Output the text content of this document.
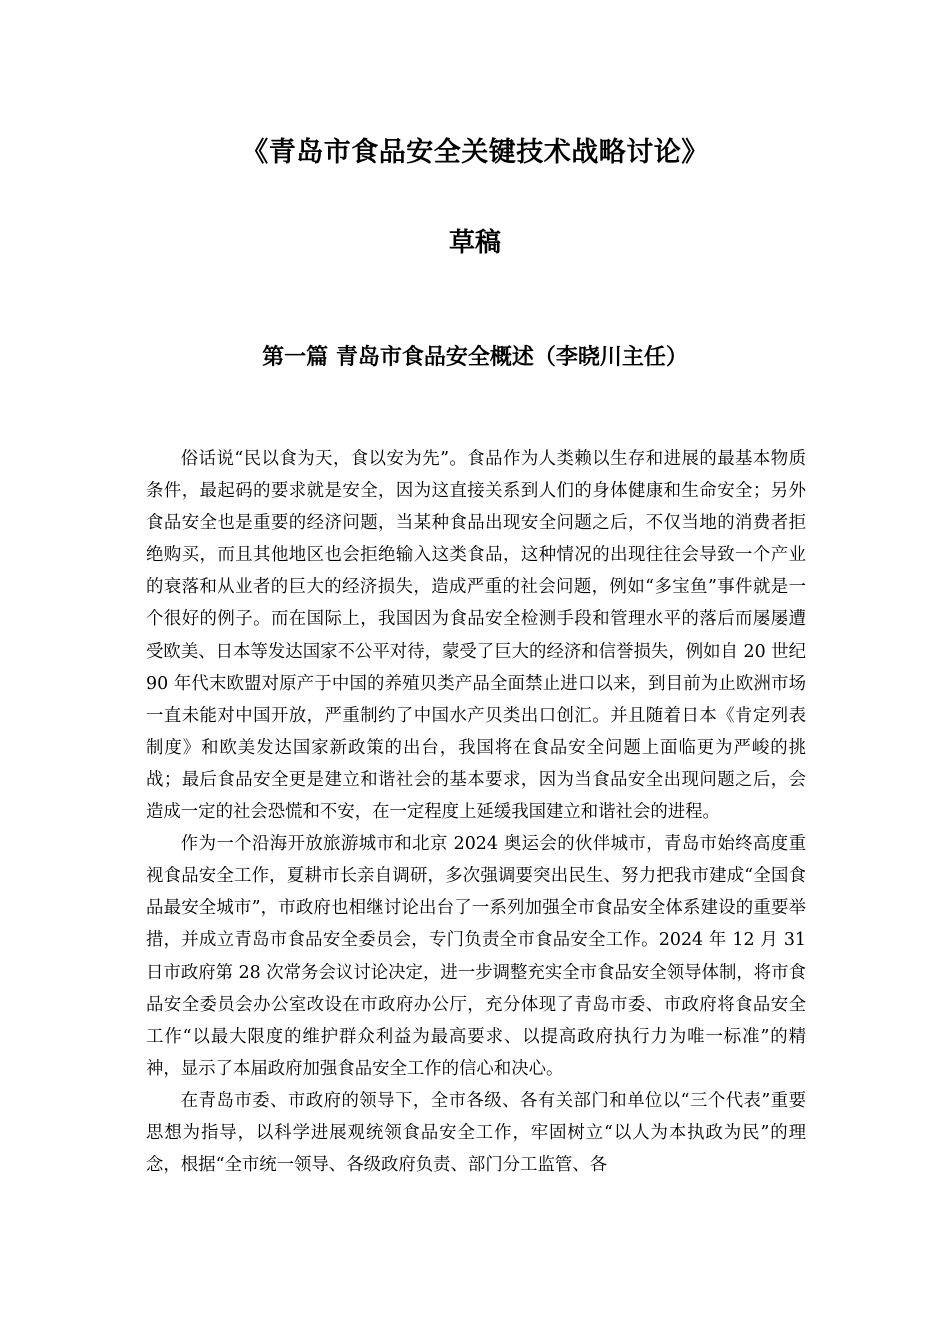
《青岛市食品安全关键技术战略讨论》
草稿
第一篇 青岛市食品安全概述（李晓川主任）

俗话说“民以食为天，食以安为先”。食品作为人类赖以生存和进展的最基本物质条件，最起码的要求就是安全，因为这直接关系到人们的身体健康和生命安全；另外食品安全也是重要的经济问题，当某种食品出现安全问题之后，不仅当地的消费者拒绝购买，而且其他地区也会拒绝输入这类食品，这种情况的出现往往会导致一个产业的衰落和从业者的巨大的经济损失，造成严重的社会问题，例如“多宝鱼”事件就是一个很好的例子。而在国际上，我国因为食品安全检测手段和管理水平的落后而屡屡遭受欧美、日本等发达国家不公平对待，蒙受了巨大的经济和信誉损失，例如自 20 世纪 90 年代末欧盟对原产于中国的养殖贝类产品全面禁止进口以来，到目前为止欧洲市场一直未能对中国开放，严重制约了中国水产贝类出口创汇。并且随着日本《肯定列表制度》和欧美发达国家新政策的出台，我国将在食品安全问题上面临更为严峻的挑战；最后食品安全更是建立和谐社会的基本要求，因为当食品安全出现问题之后，会造成一定的社会恐慌和不安，在一定程度上延缓我国建立和谐社会的进程。

作为一个沿海开放旅游城市和北京 2024 奥运会的伙伴城市，青岛市始终高度重视食品安全工作，夏耕市长亲自调研，多次强调要突出民生、努力把我市建成“全国食品最安全城市”，市政府也相继讨论出台了一系列加强全市食品安全体系建设的重要举措，并成立青岛市食品安全委员会，专门负责全市食品安全工作。2024 年 12 月 31 日市政府第 28 次常务会议讨论决定，进一步调整充实全市食品安全领导体制，将市食品安全委员会办公室改设在市政府办公厅，充分体现了青岛市委、市政府将食品安全工作“以最大限度的维护群众利益为最高要求、以提高政府执行力为唯一标准”的精神，显示了本届政府加强食品安全工作的信心和决心。

在青岛市委、市政府的领导下，全市各级、各有关部门和单位以“三个代表”重要思想为指导，以科学进展观统领食品安全工作，牢固树立“以人为本执政为民”的理念，根据“全市统一领导、各级政府负责、部门分工监管、各
